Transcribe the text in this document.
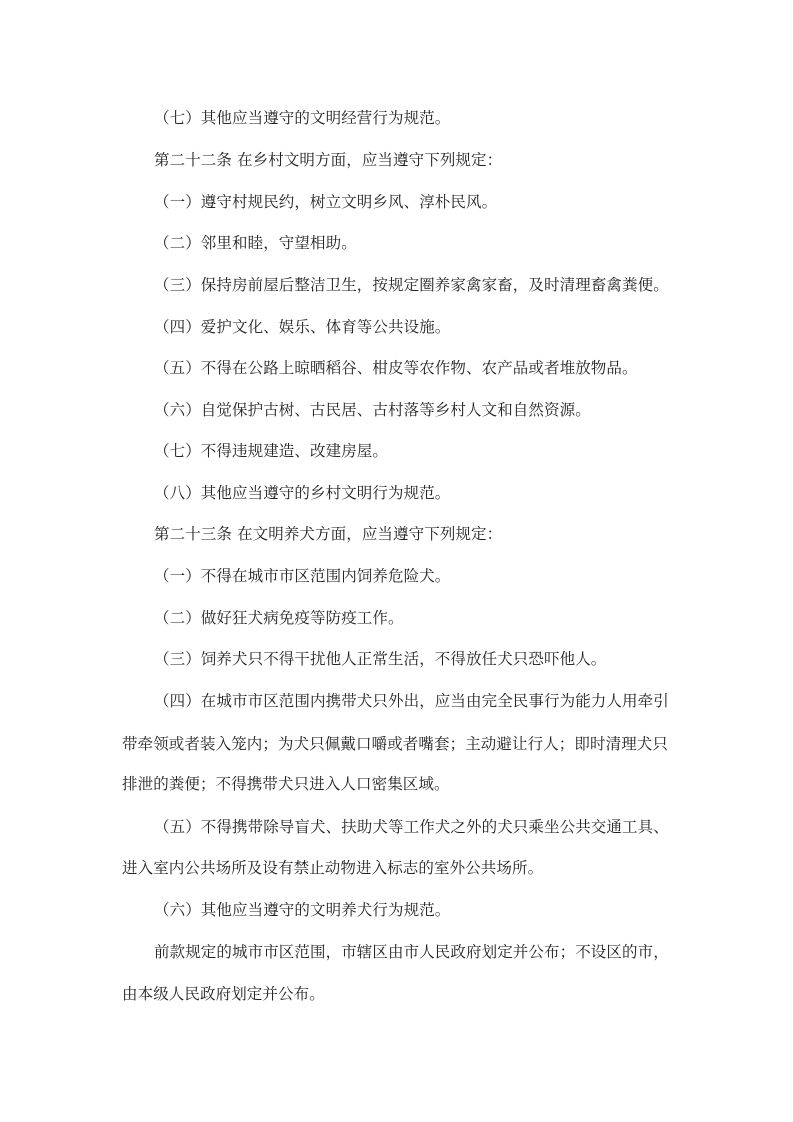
（七）其他应当遵守的文明经营行为规范。

第二十二条 在乡村文明方面，应当遵守下列规定：

（一）遵守村规民约，树立文明乡风、淳朴民风。

（二）邻里和睦，守望相助。

（三）保持房前屋后整洁卫生，按规定圈养家禽家畜，及时清理畜禽粪便。

（四）爱护文化、娱乐、体育等公共设施。

（五）不得在公路上晾晒稻谷、柑皮等农作物、农产品或者堆放物品。

（六）自觉保护古树、古民居、古村落等乡村人文和自然资源。

（七）不得违规建造、改建房屋。

（八）其他应当遵守的乡村文明行为规范。

第二十三条 在文明养犬方面，应当遵守下列规定：

（一）不得在城市市区范围内饲养危险犬。

（二）做好狂犬病免疫等防疫工作。

（三）饲养犬只不得干扰他人正常生活，不得放任犬只恐吓他人。

（四）在城市市区范围内携带犬只外出，应当由完全民事行为能力人用牵引

带牵领或者装入笼内；为犬只佩戴口嚼或者嘴套；主动避让行人；即时清理犬只

排泄的粪便；不得携带犬只进入人口密集区域。

（五）不得携带除导盲犬、扶助犬等工作犬之外的犬只乘坐公共交通工具、

进入室内公共场所及设有禁止动物进入标志的室外公共场所。

（六）其他应当遵守的文明养犬行为规范。

前款规定的城市市区范围，市辖区由市人民政府划定并公布；不设区的市，

由本级人民政府划定并公布。
